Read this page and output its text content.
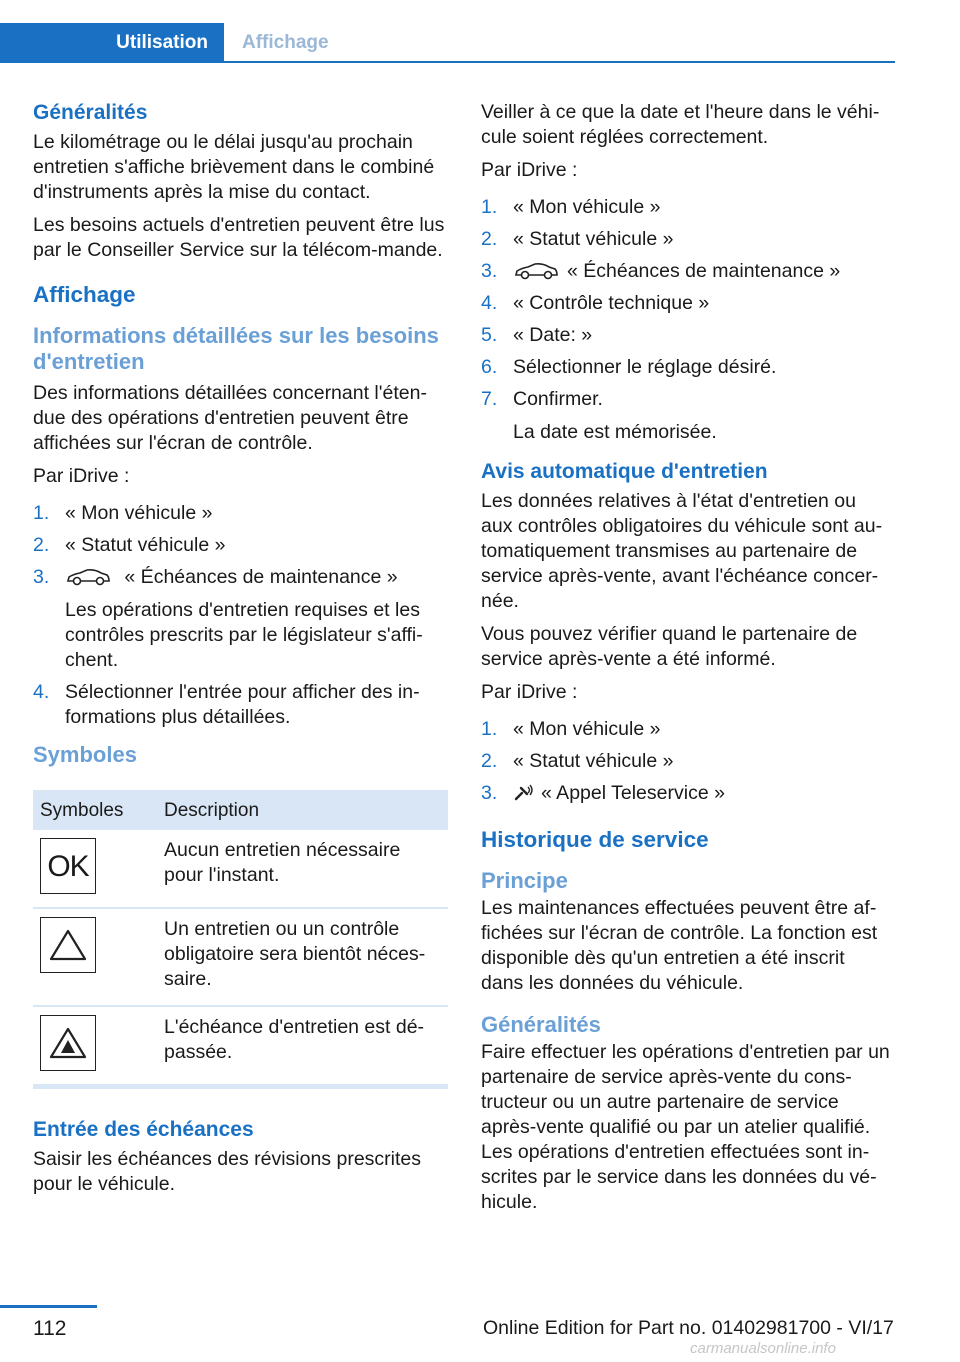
Utilisation	Affichage
Généralités

Le kilométrage ou le délai jusqu'au prochain entretien s'affiche brièvement dans le combiné d'instruments après la mise du contact.

Les besoins actuels d'entretien peuvent être lus par le Conseiller Service sur la télécom-mande.

Affichage
Informations détaillées sur les besoins d'entretien

Des informations détaillées concernant l'éten-due des opérations d'entretien peuvent être affichées sur l'écran de contrôle.

Par iDrive :

1. « Mon véhicule »
2. « Statut véhicule »
3.	« Échéances de maintenance »
Les opérations d'entretien requises et les contrôles prescrits par le législateur s'affi-chent.
4. Sélectionner l'entrée pour afficher des in-formations plus détaillées.
Symboles
Symboles	Description

OK	Aucun entretien nécessaire pour l'instant.

	Un entretien ou un contrôle obligatoire sera bientôt néces-saire.

	L'échéance d'entretien est dé-passée.
Entrée des échéances

Saisir les échéances des révisions prescrites pour le véhicule.

Veiller à ce que la date et l'heure dans le véhi-cule soient réglées correctement.

Par iDrive :

1. « Mon véhicule »
2. « Statut véhicule »
3.	« Échéances de maintenance »
4. « Contrôle technique »
5. « Date: »
6. Sélectionner le réglage désiré.
7. Confirmer.
La date est mémorisée.
Avis automatique d'entretien

Les données relatives à l'état d'entretien ou aux contrôles obligatoires du véhicule sont au-tomatiquement transmises au partenaire de service après-vente, avant l'échéance concer-née.

Vous pouvez vérifier quand le partenaire de service après-vente a été informé.

Par iDrive :

1. « Mon véhicule »
2. « Statut véhicule »
3. « Appel Teleservice »
Historique de service
Principe

Les maintenances effectuées peuvent être af-fichées sur l'écran de contrôle. La fonction est disponible dès qu'un entretien a été inscrit dans les données du véhicule.

Généralités

Faire effectuer les opérations d'entretien par un partenaire de service après-vente du cons-tructeur ou un autre partenaire de service après-vente qualifié ou par un atelier qualifié. Les opérations d'entretien effectuées sont in-scrites par le service dans les données du vé-hicule.

112	Online Edition for Part no. 01402981700 - VI/17
carmanualsonline.info
